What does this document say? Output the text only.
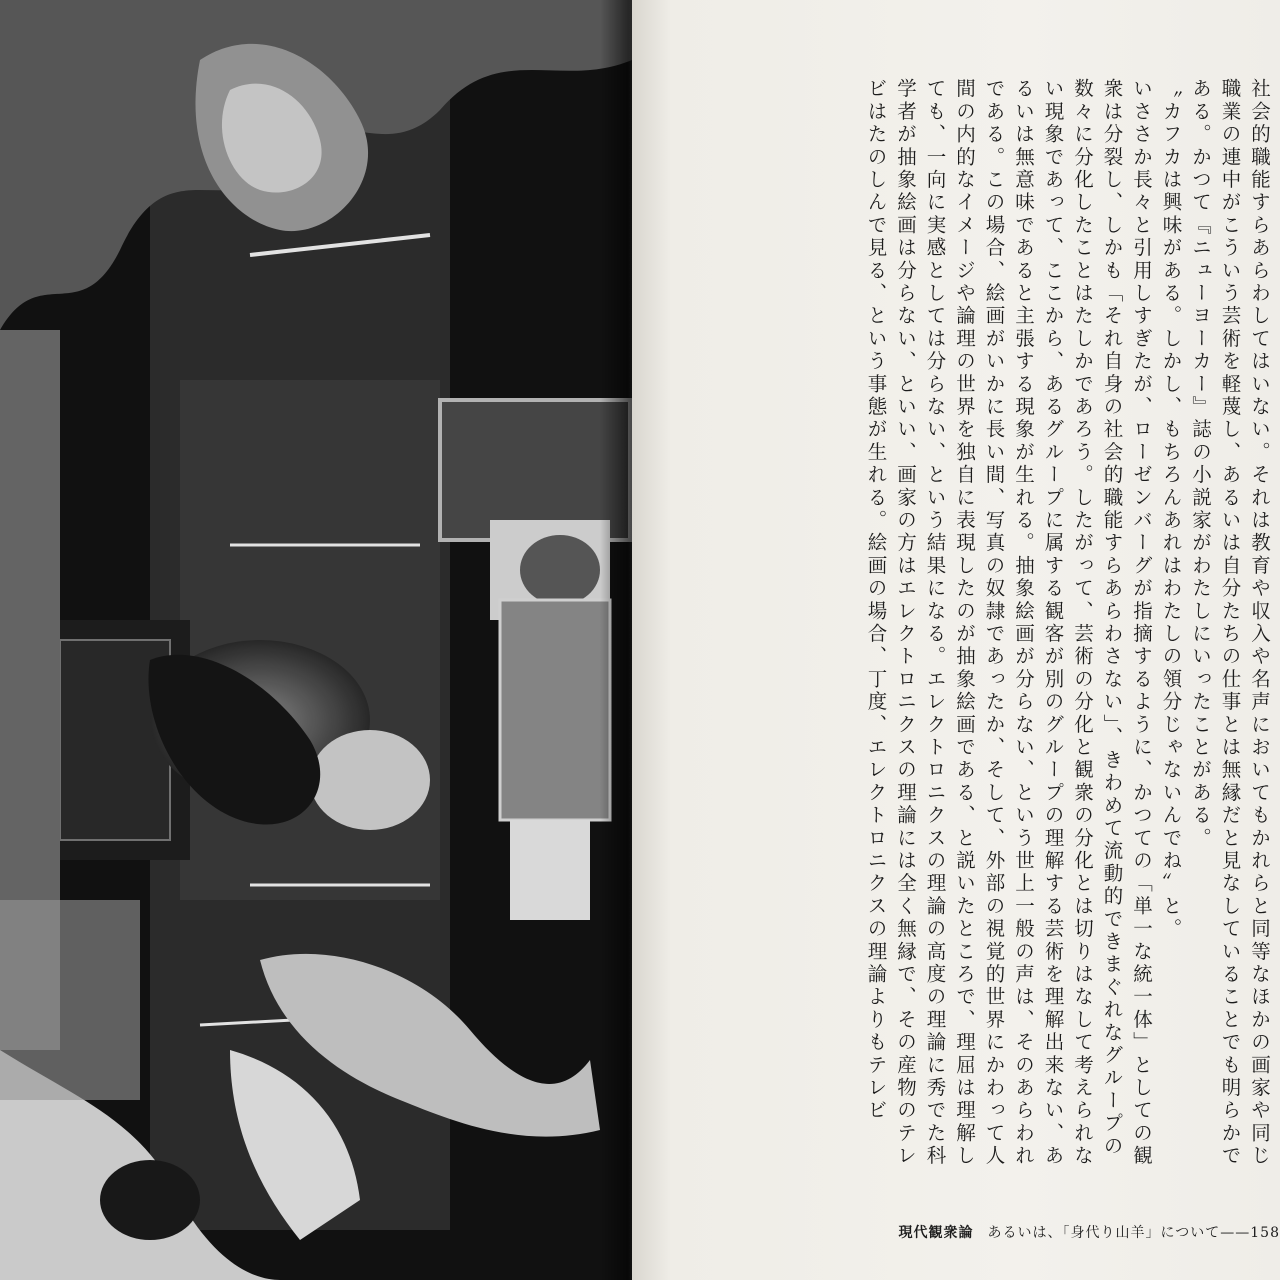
社会的職能すらあらわしてはいない。それは教育や収入や名声においてもかれらと同等なほかの画家や同じ職業の連中がこういう芸術を軽蔑し、あるいは自分たちの仕事とは無縁だと見なしていることでも明らかである。かつて『ニューヨーカー』誌の小説家がわたしにいったことがある。

〝カフカは興味がある。しかし、もちろんあれはわたしの領分じゃないんでね〟と。

いささか長々と引用しすぎたが、ローゼンバーグが指摘するように、かつての「単一な統一体」としての観衆は分裂し、しかも「それ自身の社会的職能すらあらわさない」、きわめて流動的できまぐれなグループの数々に分化したことはたしかであろう。したがって、芸術の分化と観衆の分化とは切りはなして考えられない現象であって、ここから、あるグループに属する観客が別のグループの理解する芸術を理解出来ない、あるいは無意味であると主張する現象が生れる。抽象絵画が分らない、という世上一般の声は、そのあらわれである。この場合、絵画がいかに長い間、写真の奴隷であったか、そして、外部の視覚的世界にかわって人間の内的なイメージや論理の世界を独自に表現したのが抽象絵画である、と説いたところで、理屈は理解しても、一向に実感としては分らない、という結果になる。エレクトロニクスの理論の高度の理論に秀でた科学者が抽象絵画は分らない、といい、画家の方はエレクトロニクスの理論には全く無縁で、その産物のテレビはたのしんで見る、という事態が生れる。絵画の場合、丁度、エレクトロニクスの理論よりもテレビ

現代観衆論 あるいは、「身代り山羊」について——158
